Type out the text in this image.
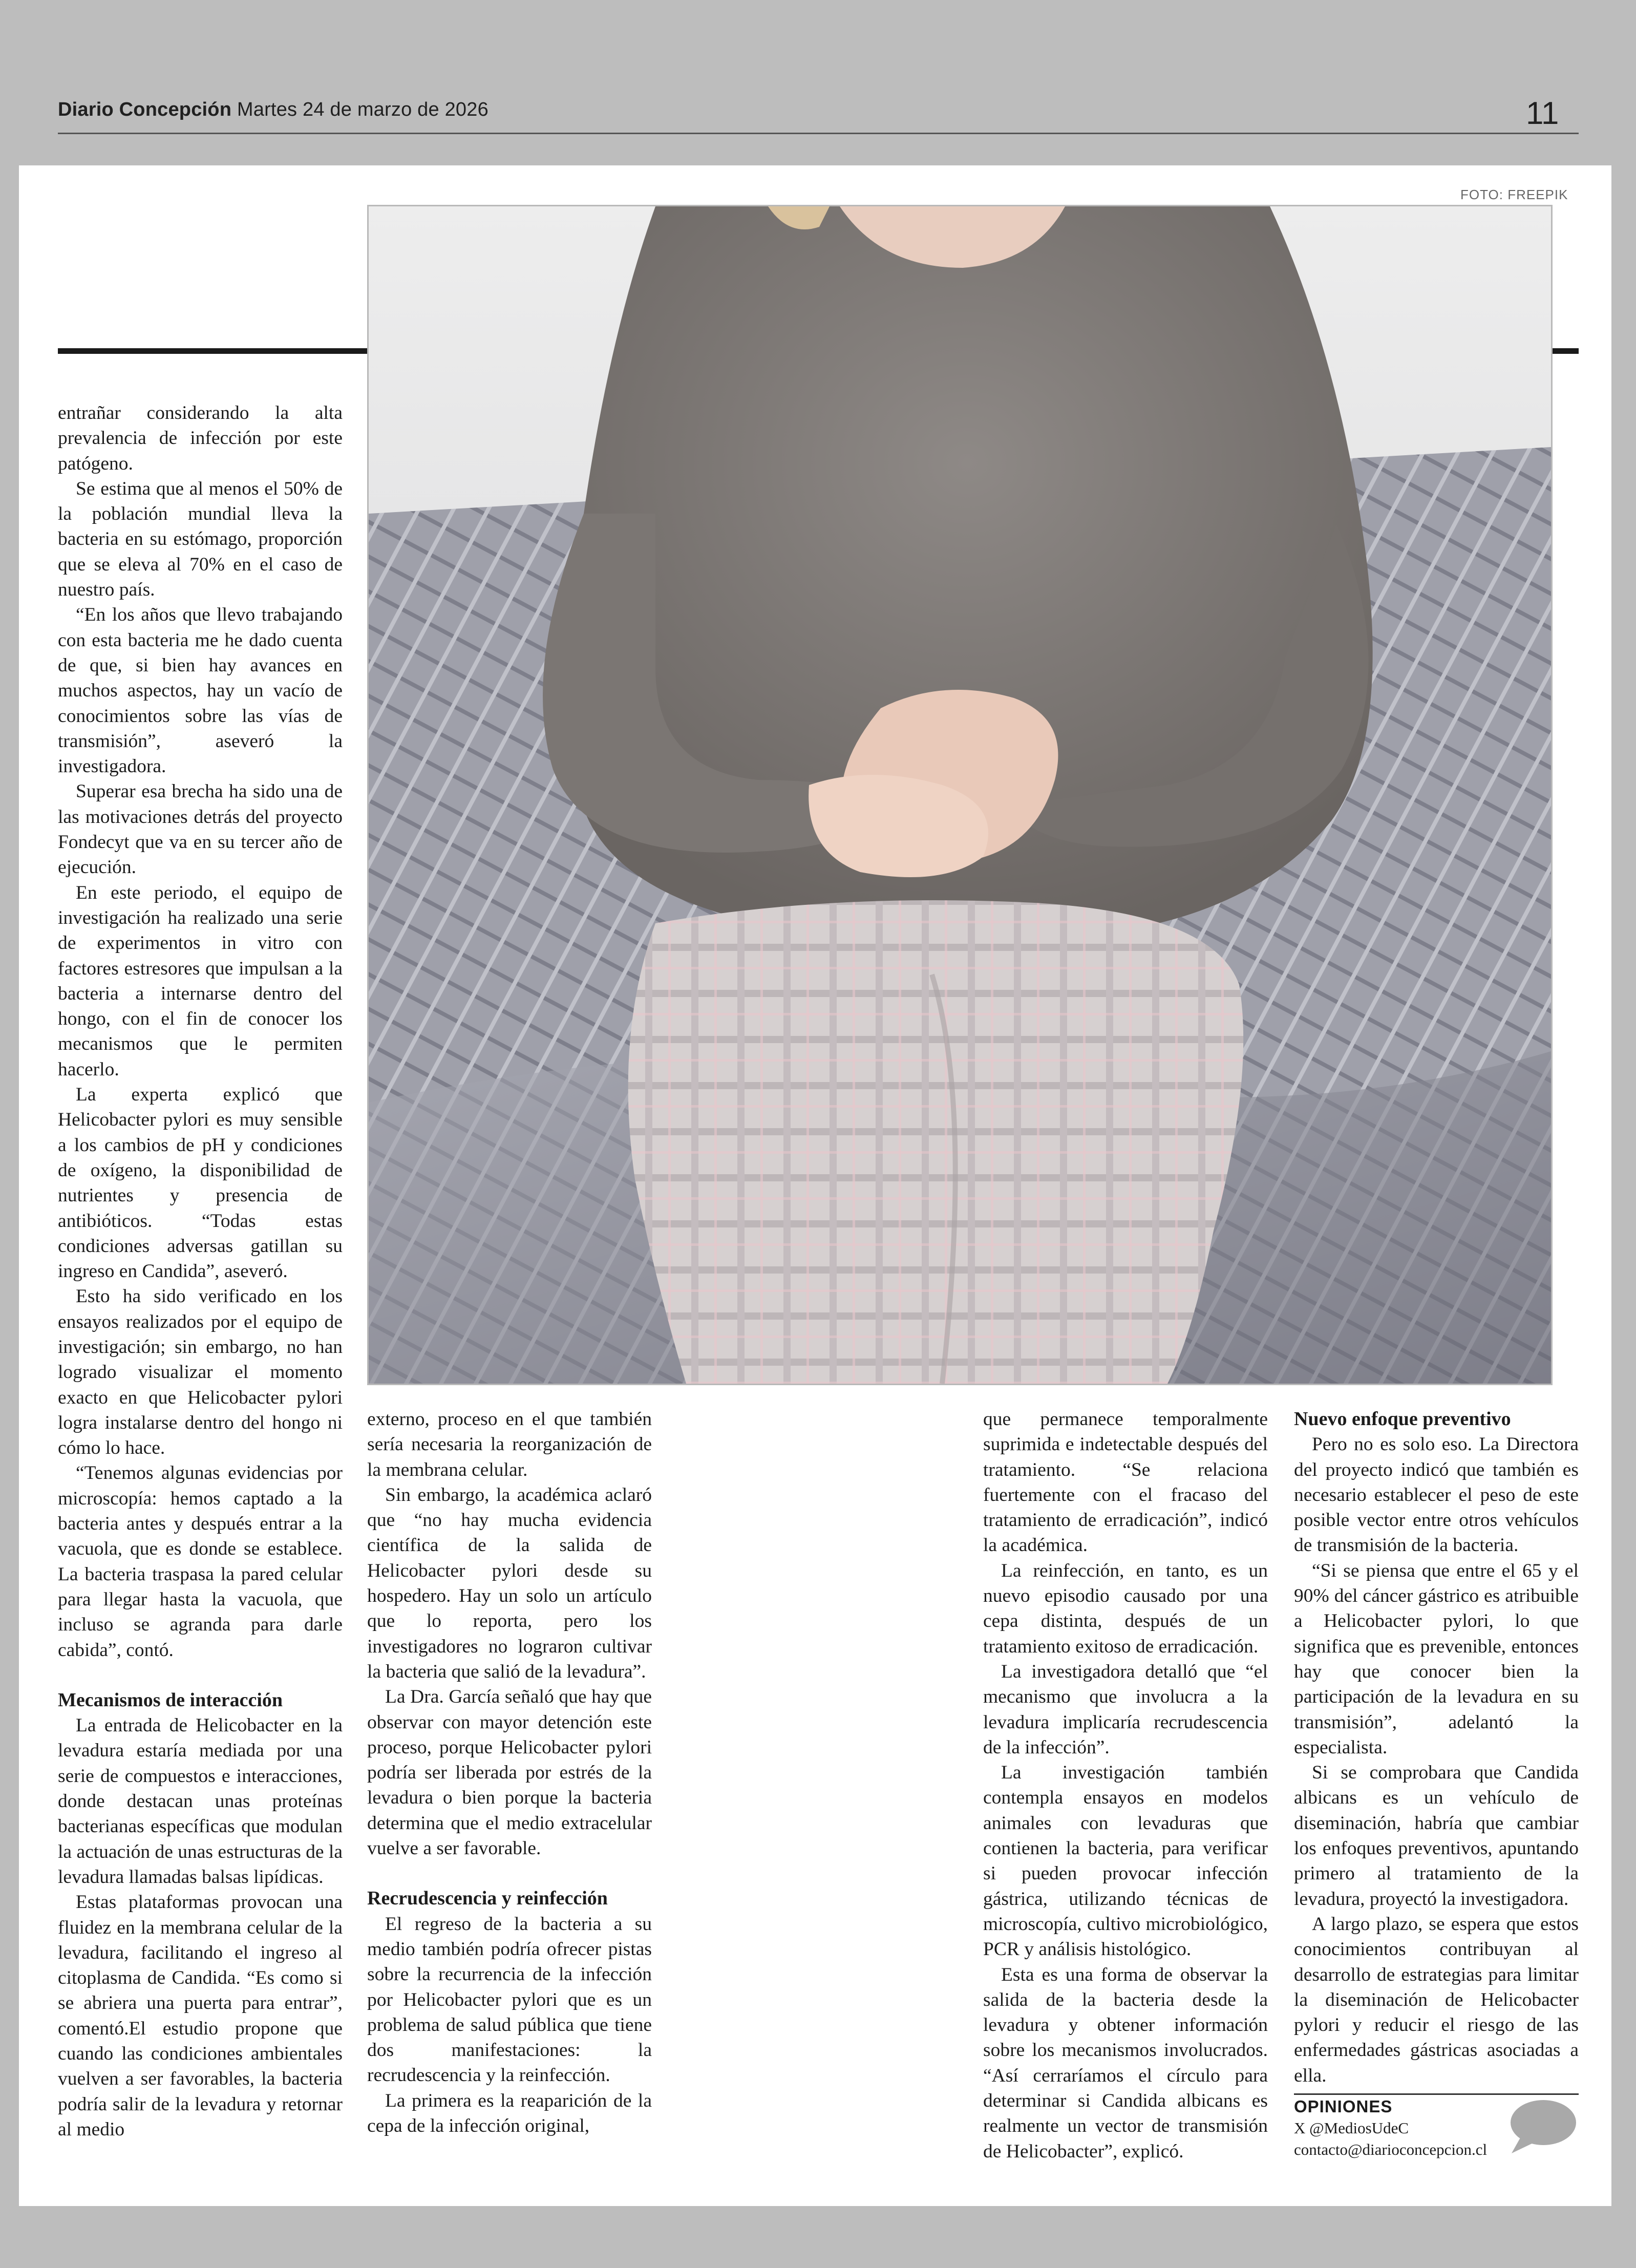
Diario Concepción Martes 24 de marzo de 2026	11
FOTO: FREEPIK

entrañar considerando la alta prevalencia de infección por este patógeno.

Se estima que al menos el 50% de la población mundial lleva la bacteria en su estómago, proporción que se eleva al 70% en el caso de nuestro país.

“En los años que llevo trabajando con esta bacteria me he dado cuenta de que, si bien hay avances en muchos aspectos, hay un vacío de conocimientos sobre las vías de transmisión”, aseveró la investigadora.

Superar esa brecha ha sido una de las motivaciones detrás del proyecto Fondecyt que va en su tercer año de ejecución.

En este periodo, el equipo de investigación ha realizado una serie de experimentos in vitro con factores estresores que impulsan a la bacteria a internarse dentro del hongo, con el fin de conocer los mecanismos que le permiten hacerlo.

La experta explicó que Helicobacter pylori es muy sensible a los cambios de pH y condiciones de oxígeno, la disponibilidad de nutrientes y presencia de antibióticos. “Todas estas condiciones adversas gatillan su ingreso en Candida”, aseveró.

Esto ha sido verificado en los ensayos realizados por el equipo de investigación; sin embargo, no han logrado visualizar el momento exacto en que Helicobacter pylori logra instalarse dentro del hongo ni cómo lo hace.

“Tenemos algunas evidencias por microscopía: hemos captado a la bacteria antes y después entrar a la vacuola, que es donde se establece. La bacteria traspasa la pared celular para llegar hasta la vacuola, que incluso se agranda para darle cabida”, contó.

Mecanismos de interacción

La entrada de Helicobacter en la levadura estaría mediada por una serie de compuestos e interacciones, donde destacan unas proteínas bacterianas específicas que modulan la actuación de unas estructuras de la levadura llamadas balsas lipídicas.

Estas plataformas provocan una fluidez en la membrana celular de la levadura, facilitando el ingreso al citoplasma de Candida. “Es como si se abriera una puerta para entrar”, comentó.El estudio propone que cuando las condiciones ambientales vuelven a ser favorables, la bacteria podría salir de la levadura y retornar al medio

externo, proceso en el que también sería necesaria la reorganización de la membrana celular.

Sin embargo, la académica aclaró que “no hay mucha evidencia científica de la salida de Helicobacter pylori desde su hospedero. Hay un solo un artículo que lo reporta, pero los investigadores no lograron cultivar la bacteria que salió de la levadura”.

La Dra. García señaló que hay que observar con mayor detención este proceso, porque Helicobacter pylori podría ser liberada por estrés de la levadura o bien porque la bacteria determina que el medio extracelular vuelve a ser favorable.

Recrudescencia y reinfección

El regreso de la bacteria a su medio también podría ofrecer pistas sobre la recurrencia de la infección por Helicobacter pylori que es un problema de salud pública que tiene dos manifestaciones: la recrudescencia y la reinfección.

La primera es la reaparición de la cepa de la infección original,

que permanece temporalmente suprimida e indetectable después del tratamiento. “Se relaciona fuertemente con el fracaso del tratamiento de erradicación”, indicó la académica.

La reinfección, en tanto, es un nuevo episodio causado por una cepa distinta, después de un tratamiento exitoso de erradicación.

La investigadora detalló que “el mecanismo que involucra a la levadura implicaría recrudescencia de la infección”.

La investigación también contempla ensayos en modelos animales con levaduras que contienen la bacteria, para verificar si pueden provocar infección gástrica, utilizando técnicas de microscopía, cultivo microbiológico, PCR y análisis histológico.

Esta es una forma de observar la salida de la bacteria desde la levadura y obtener información sobre los mecanismos involucrados. “Así cerraríamos el círculo para determinar si Candida albicans es realmente un vector de transmisión de Helicobacter”, explicó.

Nuevo enfoque preventivo

Pero no es solo eso. La Directora del proyecto indicó que también es necesario establecer el peso de este posible vector entre otros vehículos de transmisión de la bacteria.

“Si se piensa que entre el 65 y el 90% del cáncer gástrico es atribuible a Helicobacter pylori, lo que significa que es prevenible, entonces hay que conocer bien la participación de la levadura en su transmisión”, adelantó la especialista.

Si se comprobara que Candida albicans es un vehículo de diseminación, habría que cambiar los enfoques preventivos, apuntando primero al tratamiento de la levadura, proyectó la investigadora.

A largo plazo, se espera que estos conocimientos contribuyan al desarrollo de estrategias para limitar la diseminación de Helicobacter pylori y reducir el riesgo de las enfermedades gástricas asociadas a ella.

OPINIONES
X @MediosUdeC
contacto@diarioconcepcion.cl
